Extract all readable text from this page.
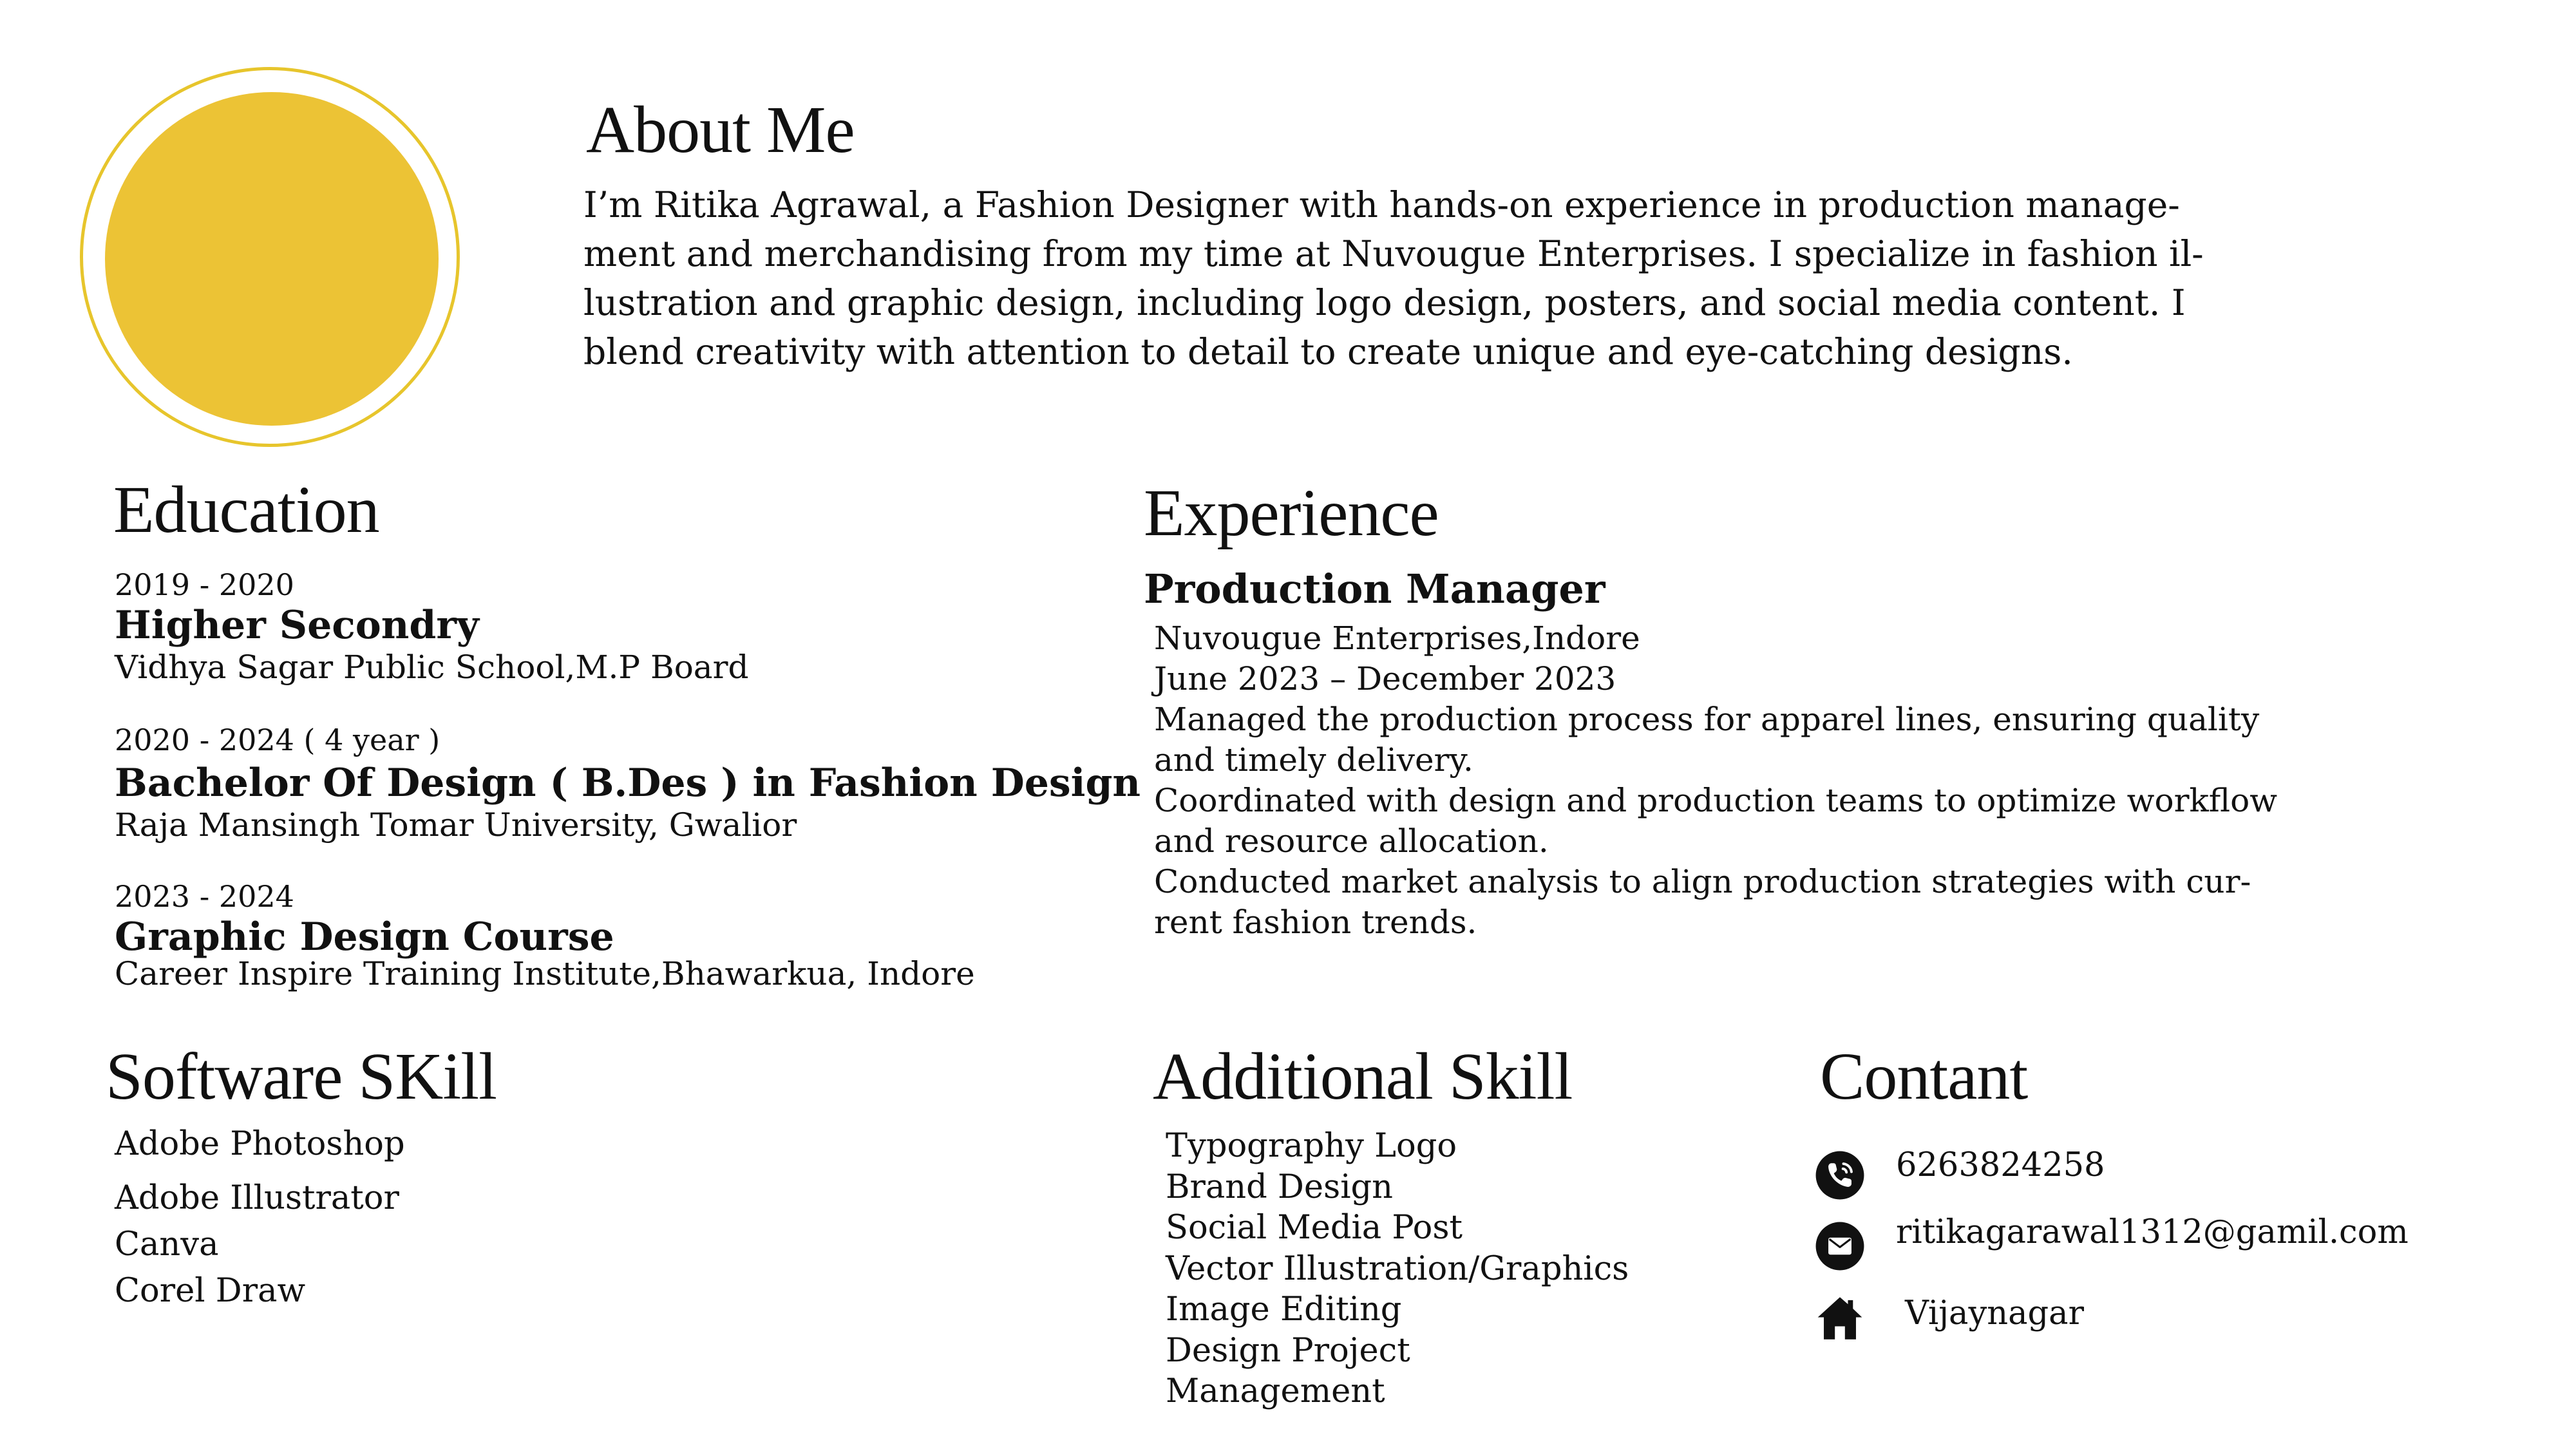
About Me
I’m Ritika Agrawal, a Fashion Designer with hands-on experience in production manage-
ment and merchandising from my time at Nuvougue Enterprises. I specialize in fashion il-
lustration and graphic design, including logo design, posters, and social media content. I
blend creativity with attention to detail to create unique and eye-catching designs.
Education
2019 - 2020
Higher Secondry
Vidhya Sagar Public School,M.P Board
2020 - 2024 ( 4 year )
Bachelor Of Design ( B.Des ) in Fashion Design
Raja Mansingh Tomar University, Gwalior
2023 - 2024
Graphic Design Course
Career Inspire Training Institute,Bhawarkua, Indore
Experience
Production Manager
Nuvougue Enterprises,Indore
June 2023 – December 2023
Managed the production process for apparel lines, ensuring quality
and timely delivery.
Coordinated with design and production teams to optimize workflow
and resource allocation.
Conducted market analysis to align production strategies with cur-
rent fashion trends.
Software SKill
Adobe Photoshop
Adobe Illustrator
Canva
Corel Draw
Additional Skill
Typography Logo
Brand Design
Social Media Post
Vector Illustration/Graphics
Image Editing
Design Project
Management
Contant
6263824258
ritikagarawal1312@gamil.com
Vijaynagar
